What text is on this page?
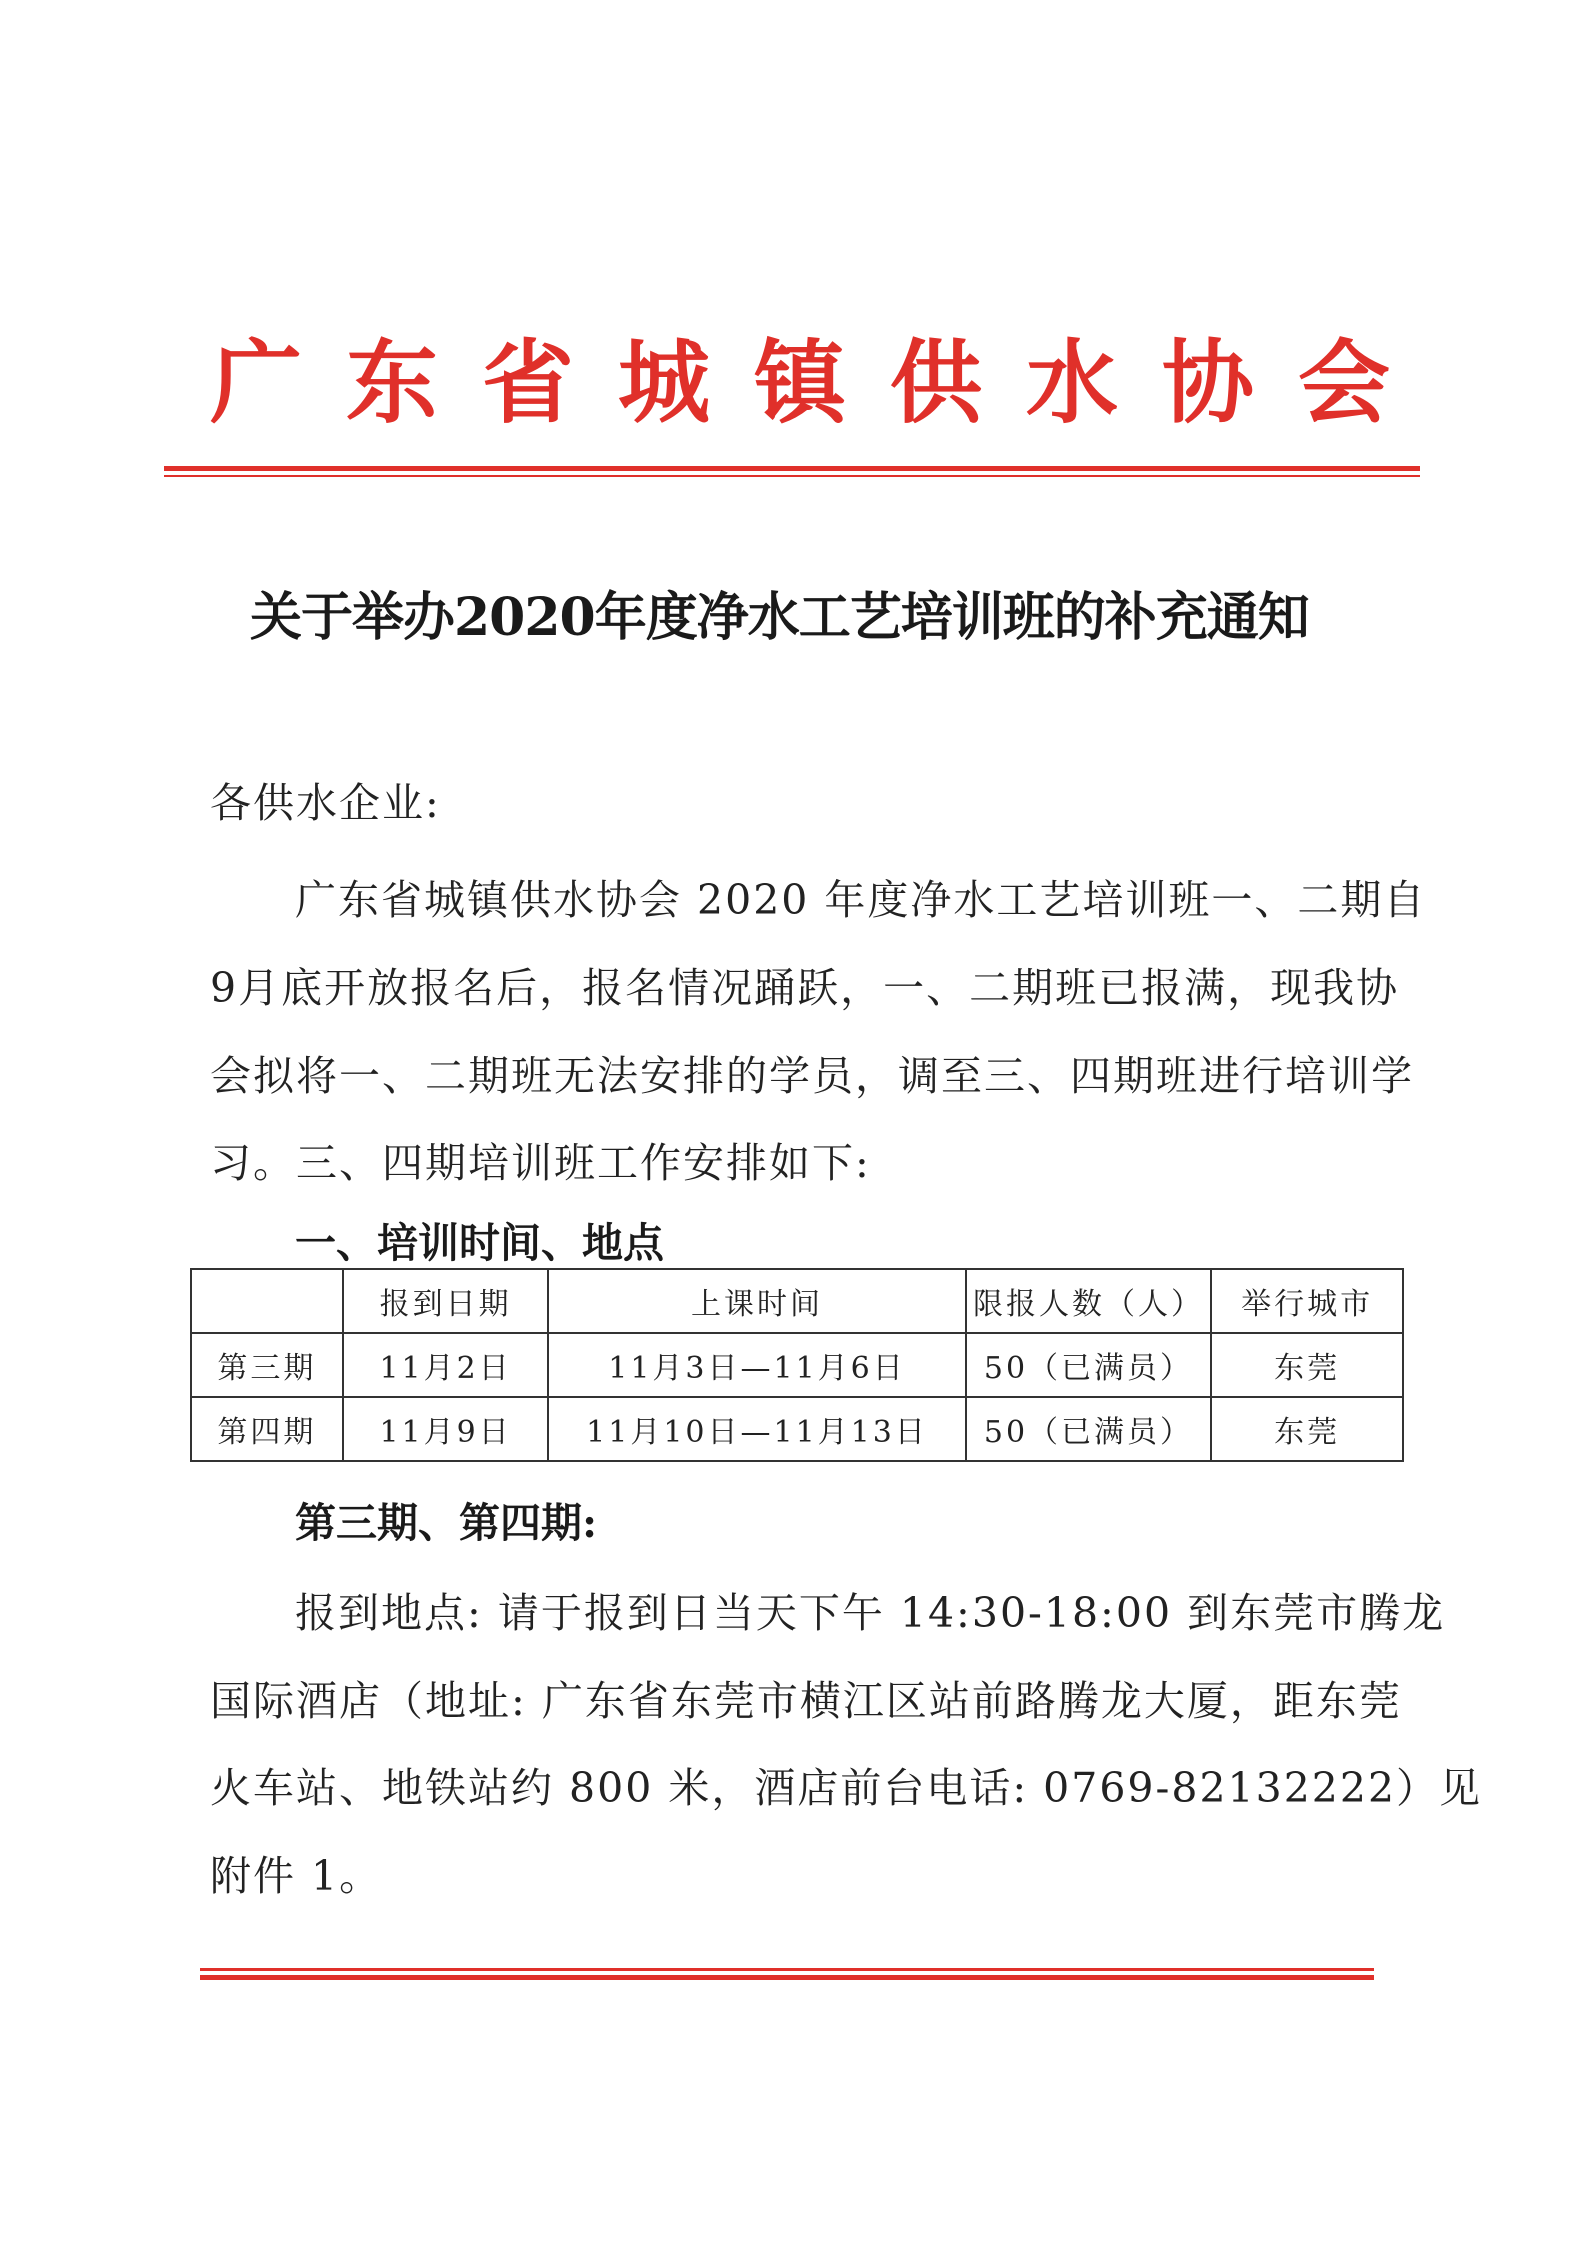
广东省城镇供水协会
关于举办2020年度净水工艺培训班的补充通知
各供水企业:
广东省城镇供水协会 2020 年度净水工艺培训班一、二期自
9月底开放报名后，报名情况踊跃，一、二期班已报满，现我协
会拟将一、二期班无法安排的学员，调至三、四期班进行培训学
习。三、四期培训班工作安排如下:
一、培训时间、地点
	报到日期	上课时间	限报人数（人）	举行城市
第三期	11月2日	11月3日—11月6日	50（已满员）	东莞
第四期	11月9日	11月10日—11月13日	50（已满员）	东莞
第三期、第四期:
报到地点: 请于报到日当天下午 14:30-18:00 到东莞市腾龙
国际酒店（地址: 广东省东莞市横江区站前路腾龙大厦，距东莞
火车站、地铁站约 800 米，酒店前台电话: 0769-82132222）见
附件 1。
